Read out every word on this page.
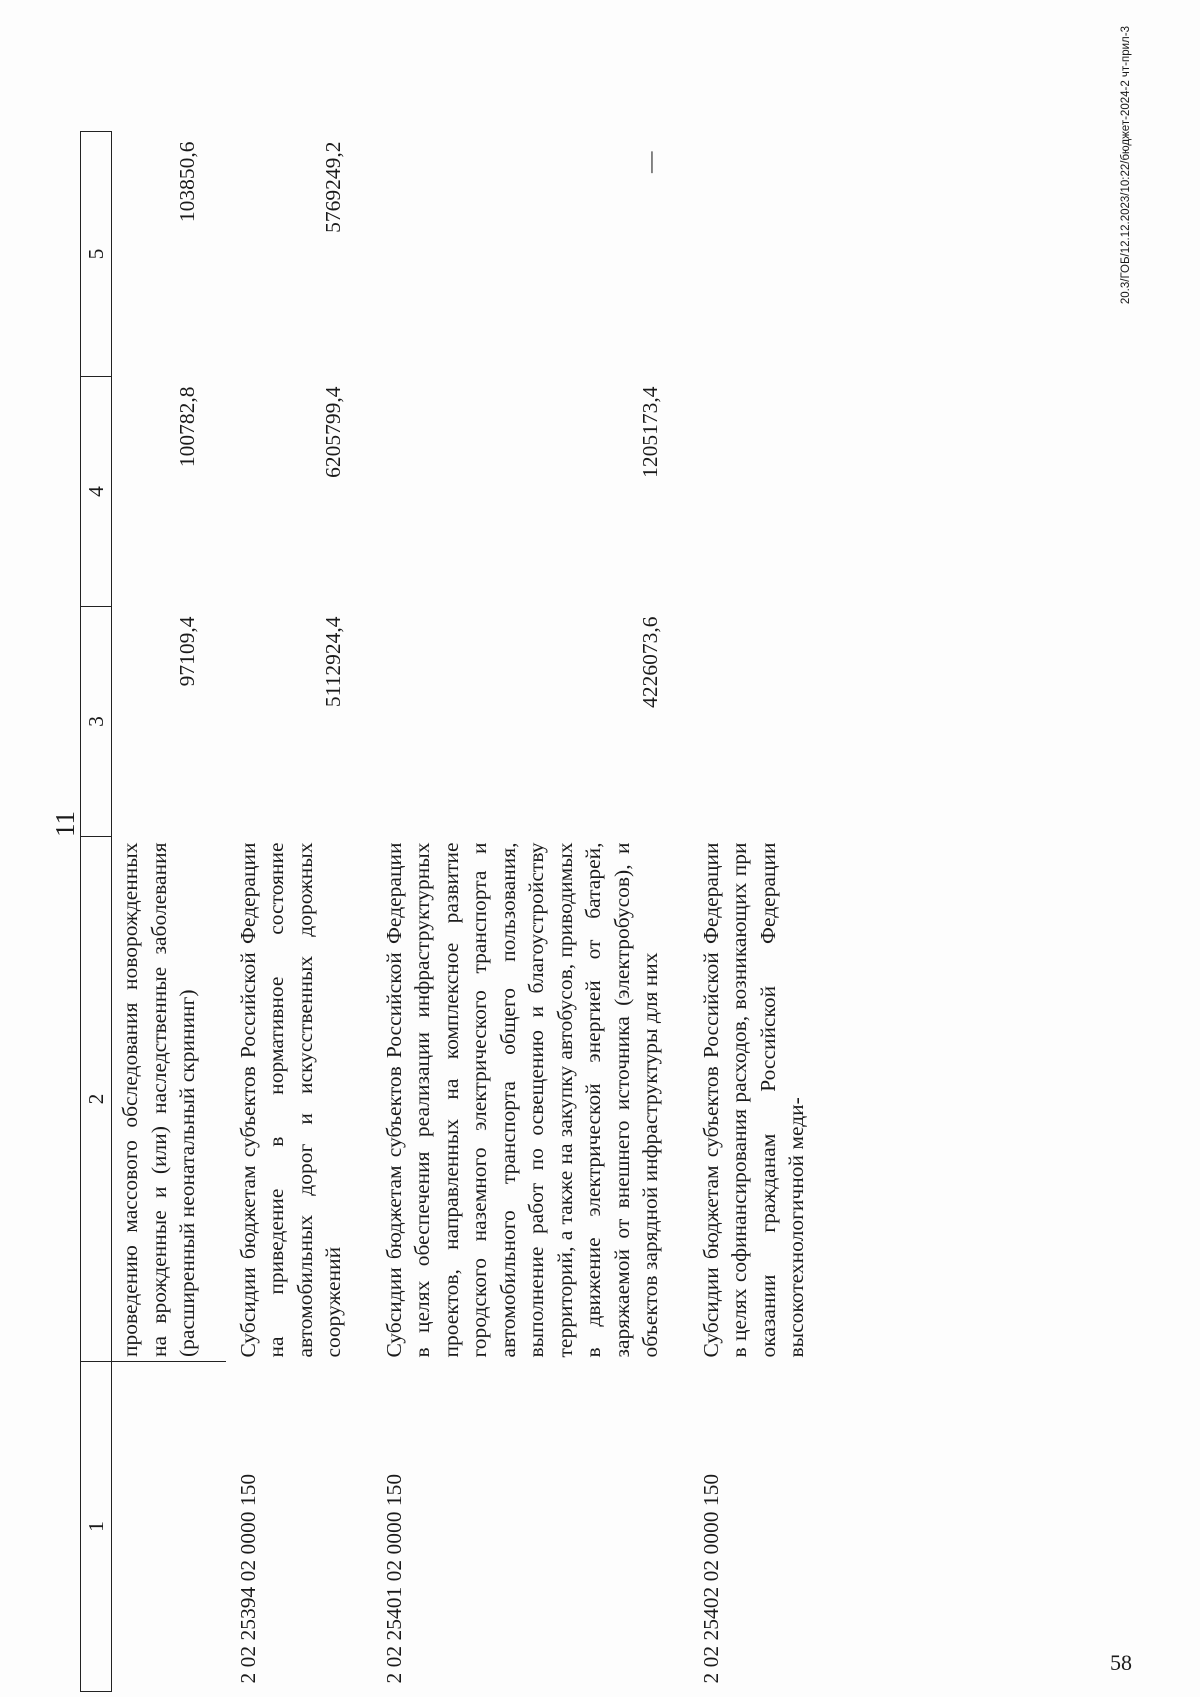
58
11
1	2	3	4	5
	проведению массового обследования новорожденных на врожденные и (или) наследственные заболевания (расширенный неонатальный скрининг)	97109,4	100782,8	103850,6
2 02 25394 02 0000 150	Субсидии бюджетам субъектов Российской Федерации на приведение в нормативное состояние автомобильных дорог и искусственных дорожных сооружений	5112924,4	6205799,4	5769249,2
2 02 25401 02 0000 150	Субсидии бюджетам субъектов Российской Федерации в целях обеспечения реализации инфраструктурных проектов, направленных на комплексное развитие городского наземного электрического транспорта и автомобильного транспорта общего пользования, выполнение работ по освещению и благоустройству территорий, а также на закупку автобусов, приводимых в движение электрической энергией от батарей, заряжаемой от внешнего источника (электробусов), и объектов зарядной инфраструктуры для них	4226073,6	1205173,4	—
2 02 25402 02 0000 150	Субсидии бюджетам субъектов Российской Федерации в целях софинансирования расходов, возникающих при оказании гражданам Российской Федерации высокотехнологичной меди-			
20.3/ГОБ/12.12.2023/10:22/бюджет-2024-2 чт-прил-3
